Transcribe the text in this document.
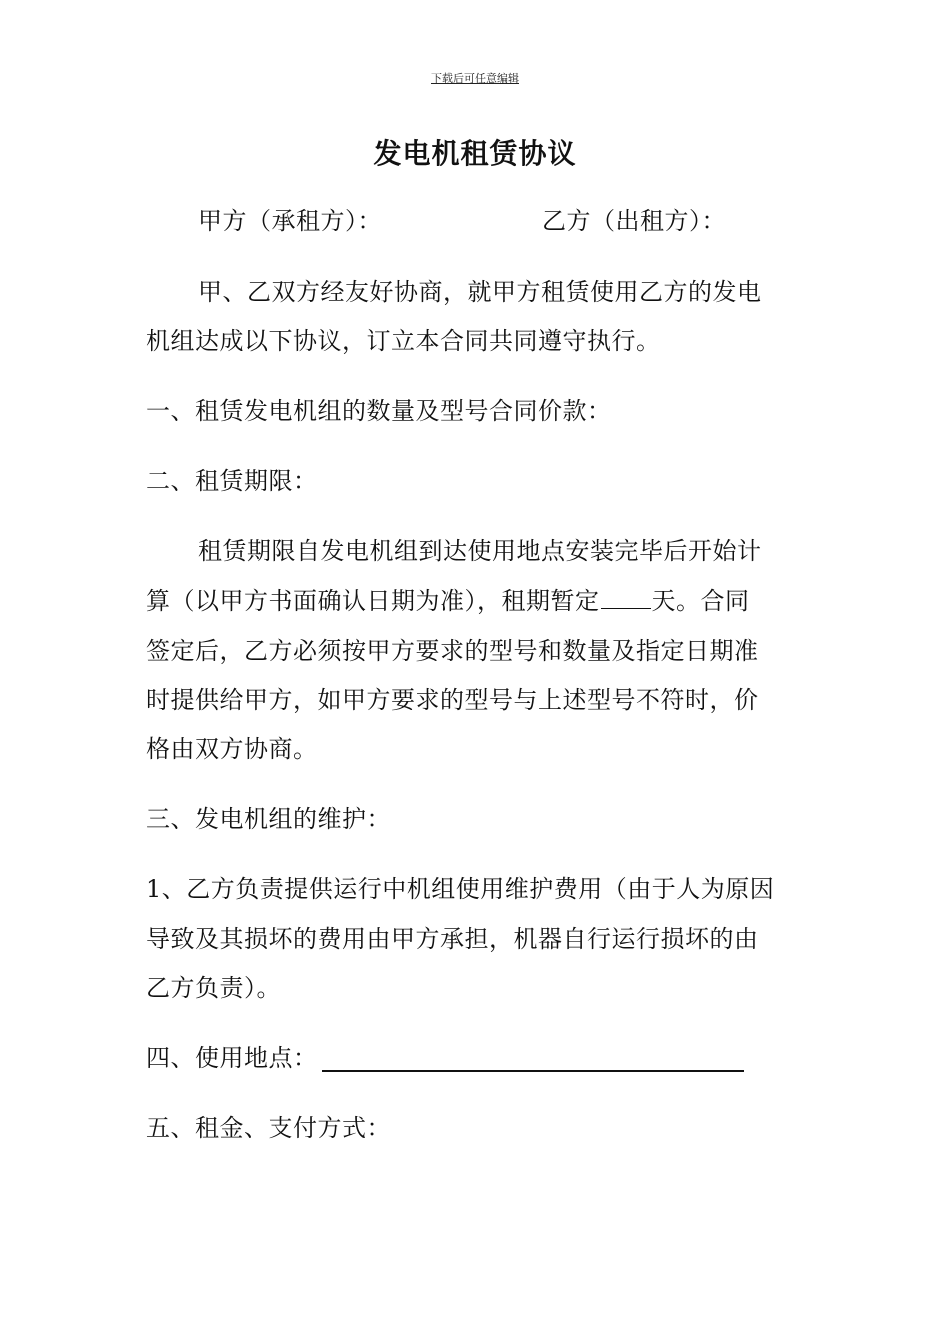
下载后可任意编辑
发电机租赁协议
甲方（承租方）：	乙方（出租方）：
甲、乙双方经友好协商，就甲方租赁使用乙方的发电
机组达成以下协议，订立本合同共同遵守执行。
一、租赁发电机组的数量及型号合同价款：
二、租赁期限：
租赁期限自发电机组到达使用地点安装完毕后开始计
算（以甲方书面确认日期为准），租期暂定 天。合同
签定后，乙方必须按甲方要求的型号和数量及指定日期准
时提供给甲方，如甲方要求的型号与上述型号不符时，价
格由双方协商。
三、发电机组的维护：
1、乙方负责提供运行中机组使用维护费用（由于人为原因
导致及其损坏的费用由甲方承担，机器自行运行损坏的由
乙方负责）。
四、使用地点：
五、租金、支付方式：
